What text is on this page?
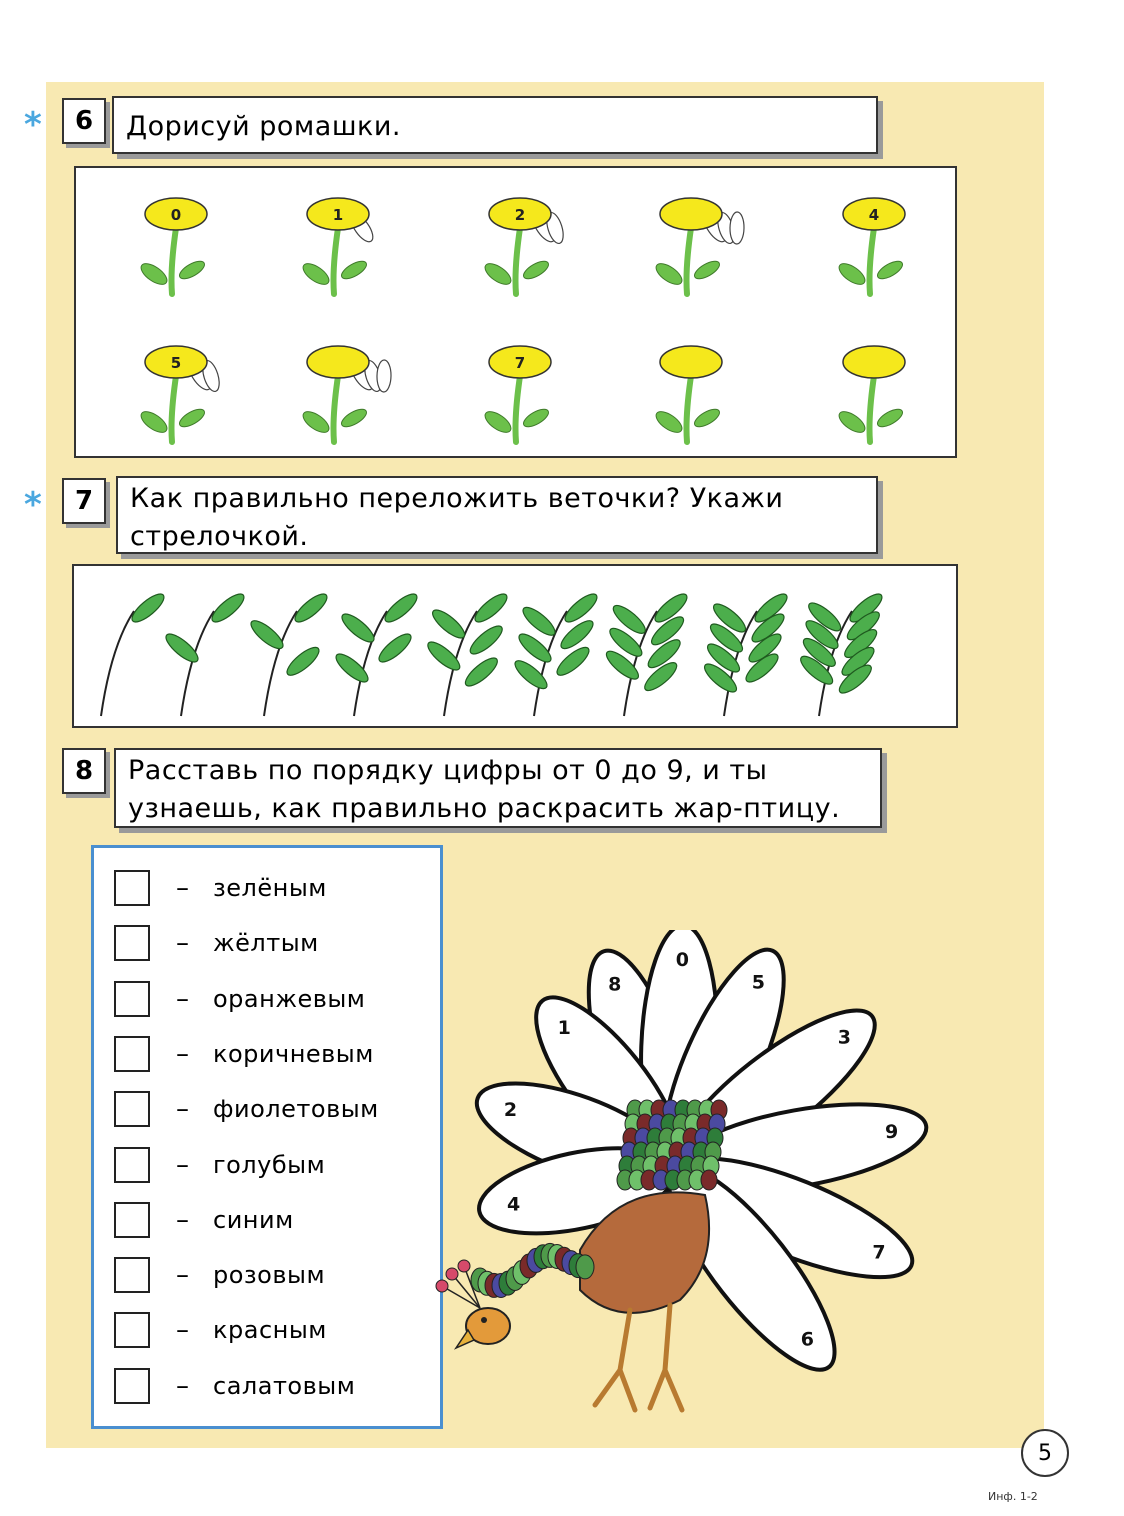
*	6	Дорисуй ромашки.
0	1	2	4
5	7
*	7	Как правильно переложить веточки? Укажи стрелочкой.
8	Расставь по порядку цифры от 0 до 9, и ты узнаешь, как правильно раскрасить жар-птицу.
– зелёным
– жёлтым
– оранжевым
– коричневым
– фиолетовым
– голубым
– синим
– розовым
– красным
– салатовым
8
0
5
1	3
2
9
4
7
6
5
Инф. 1-2
